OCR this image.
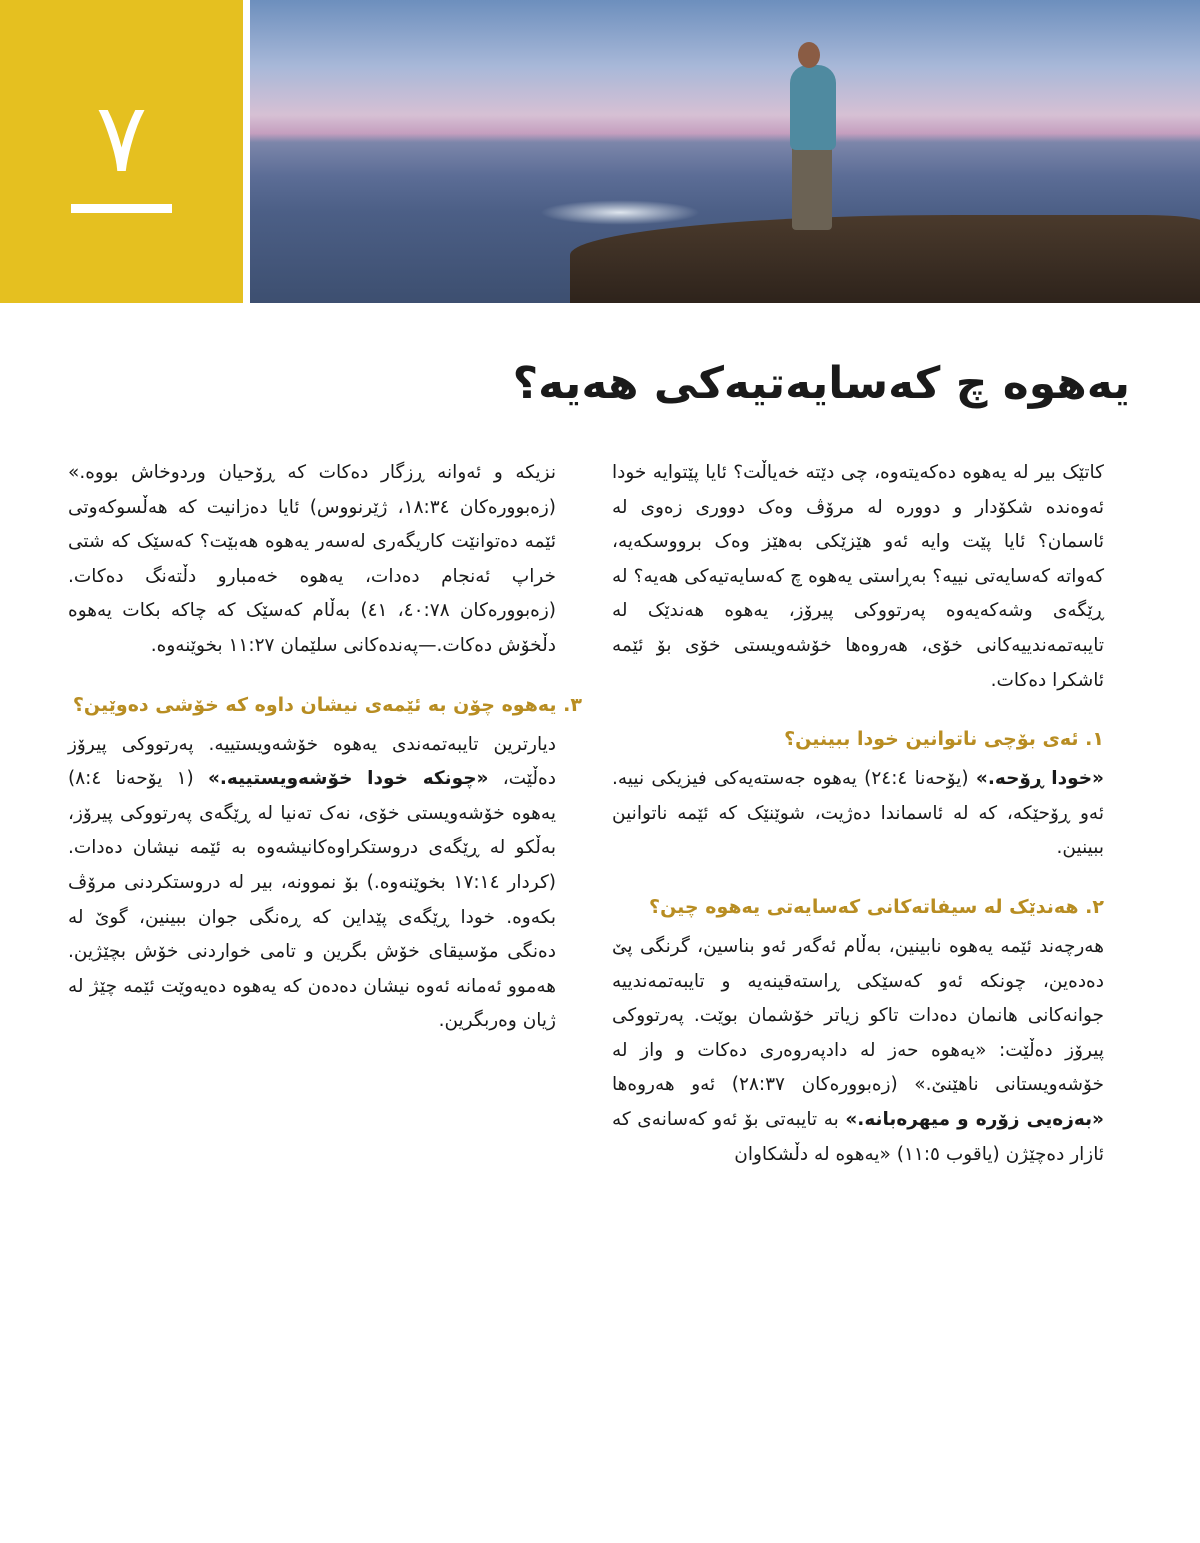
٧
یەهوە چ کەسایەتیەکی هەیە؟

کاتێک بیر لە یەهوە دەکەیتەوە، چی دێتە خەیاڵت؟ ئایا پێتوایە خودا ئەوەندە شکۆدار و دوورە لە مرۆڤ وەک دووری زەوی لە ئاسمان؟ ئایا پێت وایە ئەو هێزێکی بەهێز وەک برووسکەیە، کەواتە کەسایەتی نییە؟ بەڕاستی یەهوە چ کەسایەتیەکی هەیە؟ لە ڕێگەی وشەکەیەوە پەرتووکی پیرۆز، یەهوە هەندێک لە تایبەتمەندییەکانی خۆی، هەروەها خۆشەویستی خۆی بۆ ئێمە ئاشکرا دەکات.

١. ئەی بۆچی ناتوانین خودا ببینین؟

«خودا ڕۆحە.» (یۆحەنا ٢٤:٤) یەهوە جەستەیەکی فیزیکی نییە. ئەو ڕۆحێکە، کە لە ئاسماندا دەژیت، شوێنێک کە ئێمە ناتوانین ببینین.

٢. هەندێک لە سیفاتەکانی کەسایەتی یەهوە چین؟

هەرچەند ئێمە یەهوە نابینین، بەڵام ئەگەر ئەو بناسین، گرنگی پێ دەدەین، چونکە ئەو کەسێکی ڕاستەقینەیە و تایبەتمەندییە جوانەکانی هانمان دەدات تاکو زیاتر خۆشمان بوێت. پەرتووکی پیرۆز دەڵێت: «یەهوە حەز لە دادپەروەری دەکات و واز لە خۆشەویستانی ناهێنێ.» (زەبوورەکان ٢٨:٣٧) ئەو هەروەها «بەزەیی زۆرە و میهرەبانە.» بە تایبەتی بۆ ئەو کەسانەی کە ئازار دەچێژن (یاقوب ١١:٥) «یەهوە لە دڵشکاوان

نزیکە و ئەوانە ڕزگار دەکات کە ڕۆحیان وردوخاش بووە.» (زەبوورەکان ١٨:٣٤، ژێرنووس) ئایا دەزانیت کە هەڵسوکەوتی ئێمە دەتوانێت کاریگەری لەسەر یەهوە هەبێت؟ کەسێک کە شتی خراپ ئەنجام دەدات، یەهوە خەمبارو دڵتەنگ دەکات. (زەبوورەکان ٤٠:٧٨، ٤١) بەڵام کەسێک کە چاکە بکات یەهوە دڵخۆش دەکات.—پەندەکانی سلێمان ١١:٢٧ بخوێنەوە.

٣. یەهوە چۆن بە ئێمەی نیشان داوە کە خۆشی دەوێین؟

دیارترین تایبەتمەندی یەهوە خۆشەویستییە. پەرتووکی پیرۆز دەڵێت، «چونکە خودا خۆشەویستییە.» (١ یۆحەنا ٨:٤) یەهوە خۆشەویستی خۆی، نەک تەنیا لە ڕێگەی پەرتووکی پیرۆز، بەڵکو لە ڕێگەی دروستکراوەکانیشەوە بە ئێمە نیشان دەدات. (کردار ١٧:١٤ بخوێنەوە.) بۆ نموونە، بیر لە دروستکردنی مرۆڤ بکەوە. خودا ڕێگەی پێداین کە ڕەنگی جوان ببینین، گوێ لە دەنگی مۆسیقای خۆش بگرین و تامی خواردنی خۆش بچێژین. هەموو ئەمانە ئەوە نیشان دەدەن کە یەهوە دەیەوێت ئێمە چێژ لە ژیان وەربگرین.
